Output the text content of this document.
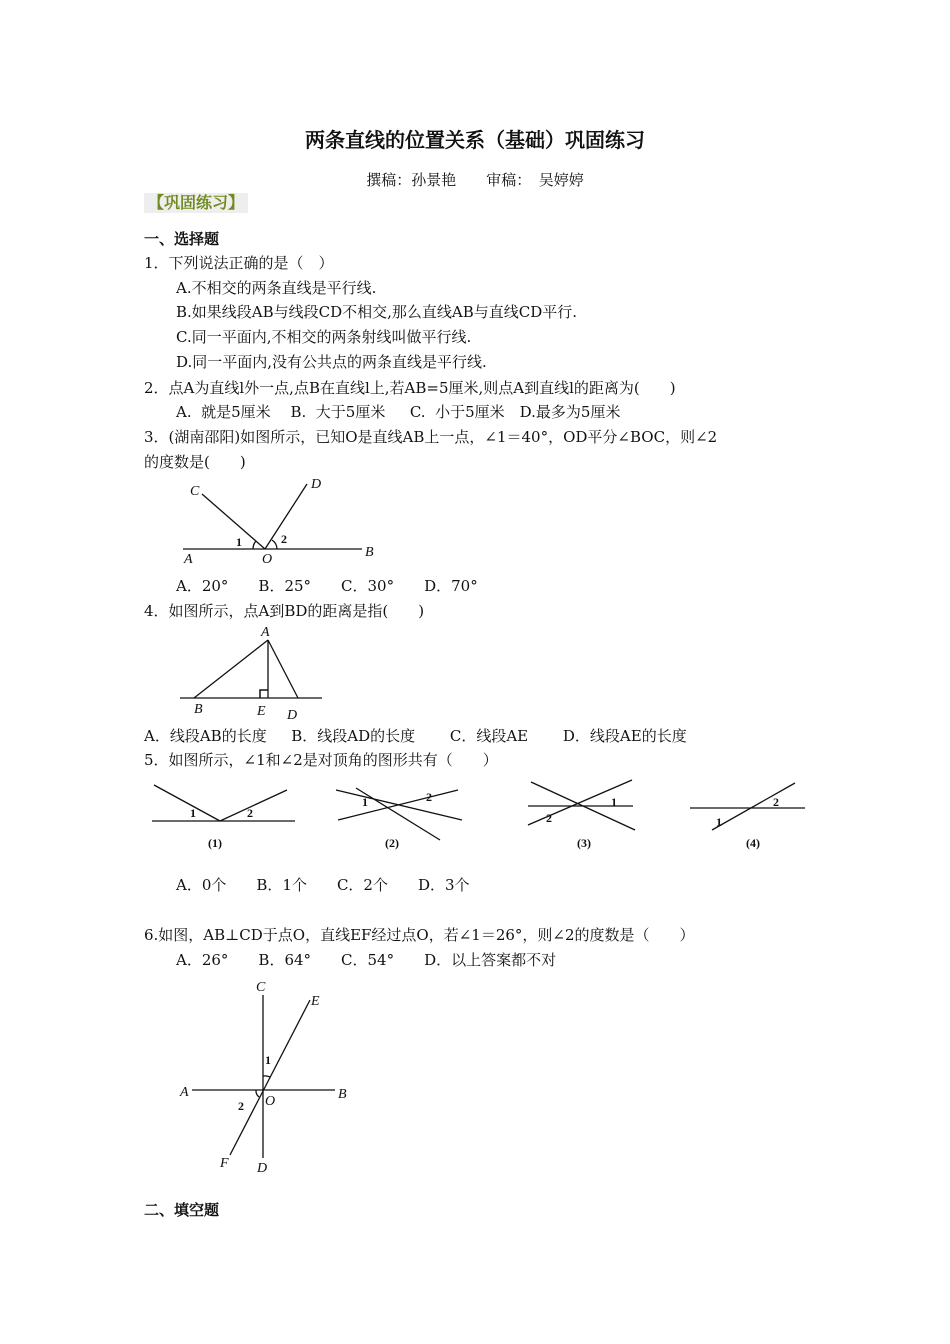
两条直线的位置关系（基础）巩固练习
撰稿：孙景艳　　审稿：　吴婷婷
【巩固练习】
一、选择题
1．下列说法正确的是（　）
A.不相交的两条直线是平行线.
B.如果线段AB与线段CD不相交,那么直线AB与直线CD平行.
C.同一平面内,不相交的两条射线叫做平行线.
D.同一平面内,没有公共点的两条直线是平行线.
2．点A为直线l外一点,点B在直线l上,若AB=5厘米,则点A到直线l的距离为(　　)
A.  就是5厘米　 B.  大于5厘米　  C.  小于5厘米　D.最多为5厘米
3．(湖南邵阳)如图所示，已知O是直线AB上一点，∠1＝40°，OD平分∠BOC，则∠2
的度数是(　　)
A．20°　　B．25°　　C．30°　　D．70°
4．如图所示，点A到BD的距离是指(　　)
A．线段AB的长度　  B．线段AD的长度　　 C．线段AE　　 D．线段AE的长度
5．如图所示，∠1和∠2是对顶角的图形共有（　　）
A．0个　　B．1个　　C．2个　　D．3个
6.如图，AB⊥CD于点O，直线EF经过点O，若∠1＝26°，则∠2的度数是（　　）
A．26°　　B．64°　　C．54°　　D．以上答案都不对
二、填空题
C	D
1	2
A	O	B
A
B	E D
1	2
(1)
1	2
(2)
2
1
(3)
1
2
(4)
C
E
1
A	B
2 O
F D
